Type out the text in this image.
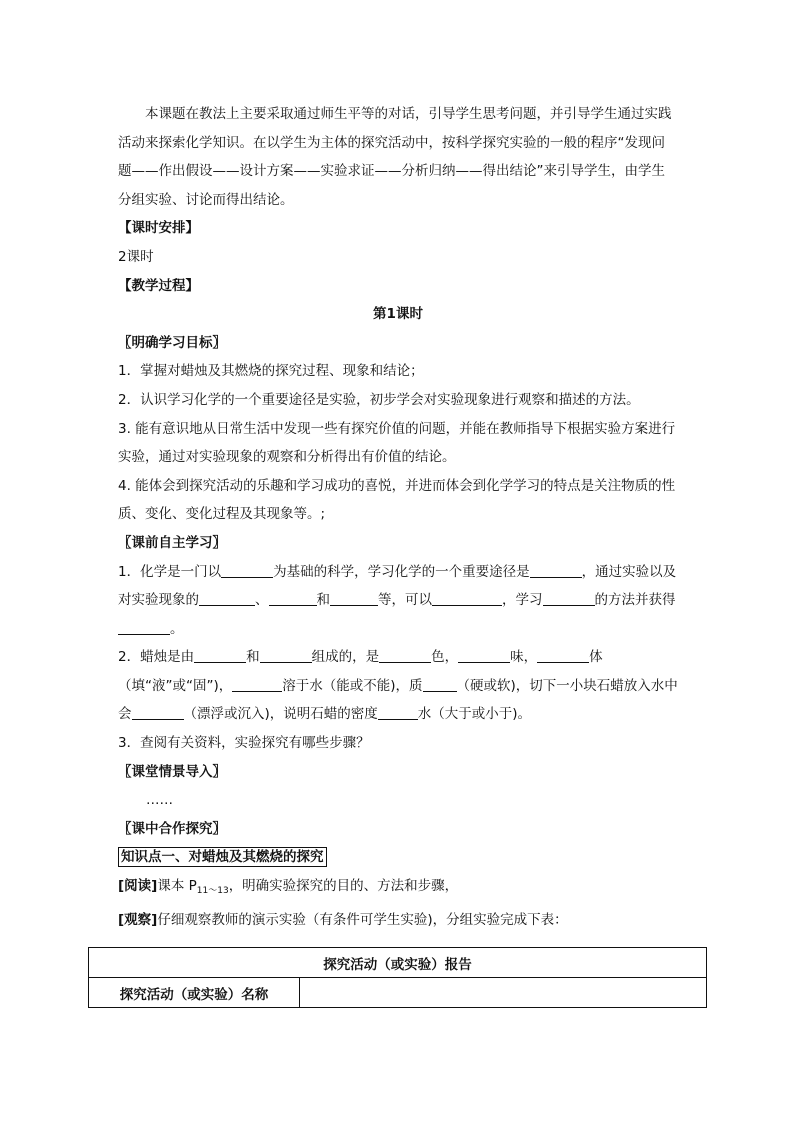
本课题在教法上主要采取通过师生平等的对话，引导学生思考问题，并引导学生通过实践活动来探索化学知识。在以学生为主体的探究活动中，按科学探究实验的一般的程序“发现问题——作出假设——设计方案——实验求证——分析归纳——得出结论”来引导学生，由学生分组实验、讨论而得出结论。

【课时安排】

2课时

【教学过程】

第1课时

〖明确学习目标〗

1．掌握对蜡烛及其燃烧的探究过程、现象和结论；

2．认识学习化学的一个重要途径是实验，初步学会对实验现象进行观察和描述的方法。

3. 能有意识地从日常生活中发现一些有探究价值的问题，并能在教师指导下根据实验方案进行实验，通过对实验现象的观察和分析得出有价值的结论。

4. 能体会到探究活动的乐趣和学习成功的喜悦，并进而体会到化学学习的特点是关注物质的性质、变化、变化过程及其现象等。;

〖课前自主学习〗

1．化学是一门以	为基础的科学，学习化学的一个重要途径是	，通过实验以及对实验现象的	、	和	等，可以	，学习	的方法并获得。

2．蜡烛是由	和	组成的，是	色，	味，	体（填“液”或“固”)，	溶于水（能或不能)，质	（硬或软)，切下一小块石蜡放入水中会	（漂浮或沉入)，说明石蜡的密度	水（大于或小于)。

3．查阅有关资料，实验探究有哪些步骤？

〖课堂情景导入〗

……

〖课中合作探究〗

知识点一、对蜡烛及其燃烧的探究

[阅读]课本 $P_{11\sim 13}$，明确实验探究的目的、方法和步骤，

[观察]仔细观察教师的演示实验（有条件可学生实验)，分组实验完成下表：

探究活动（或实验）报告
探究活动（或实验）名称	
